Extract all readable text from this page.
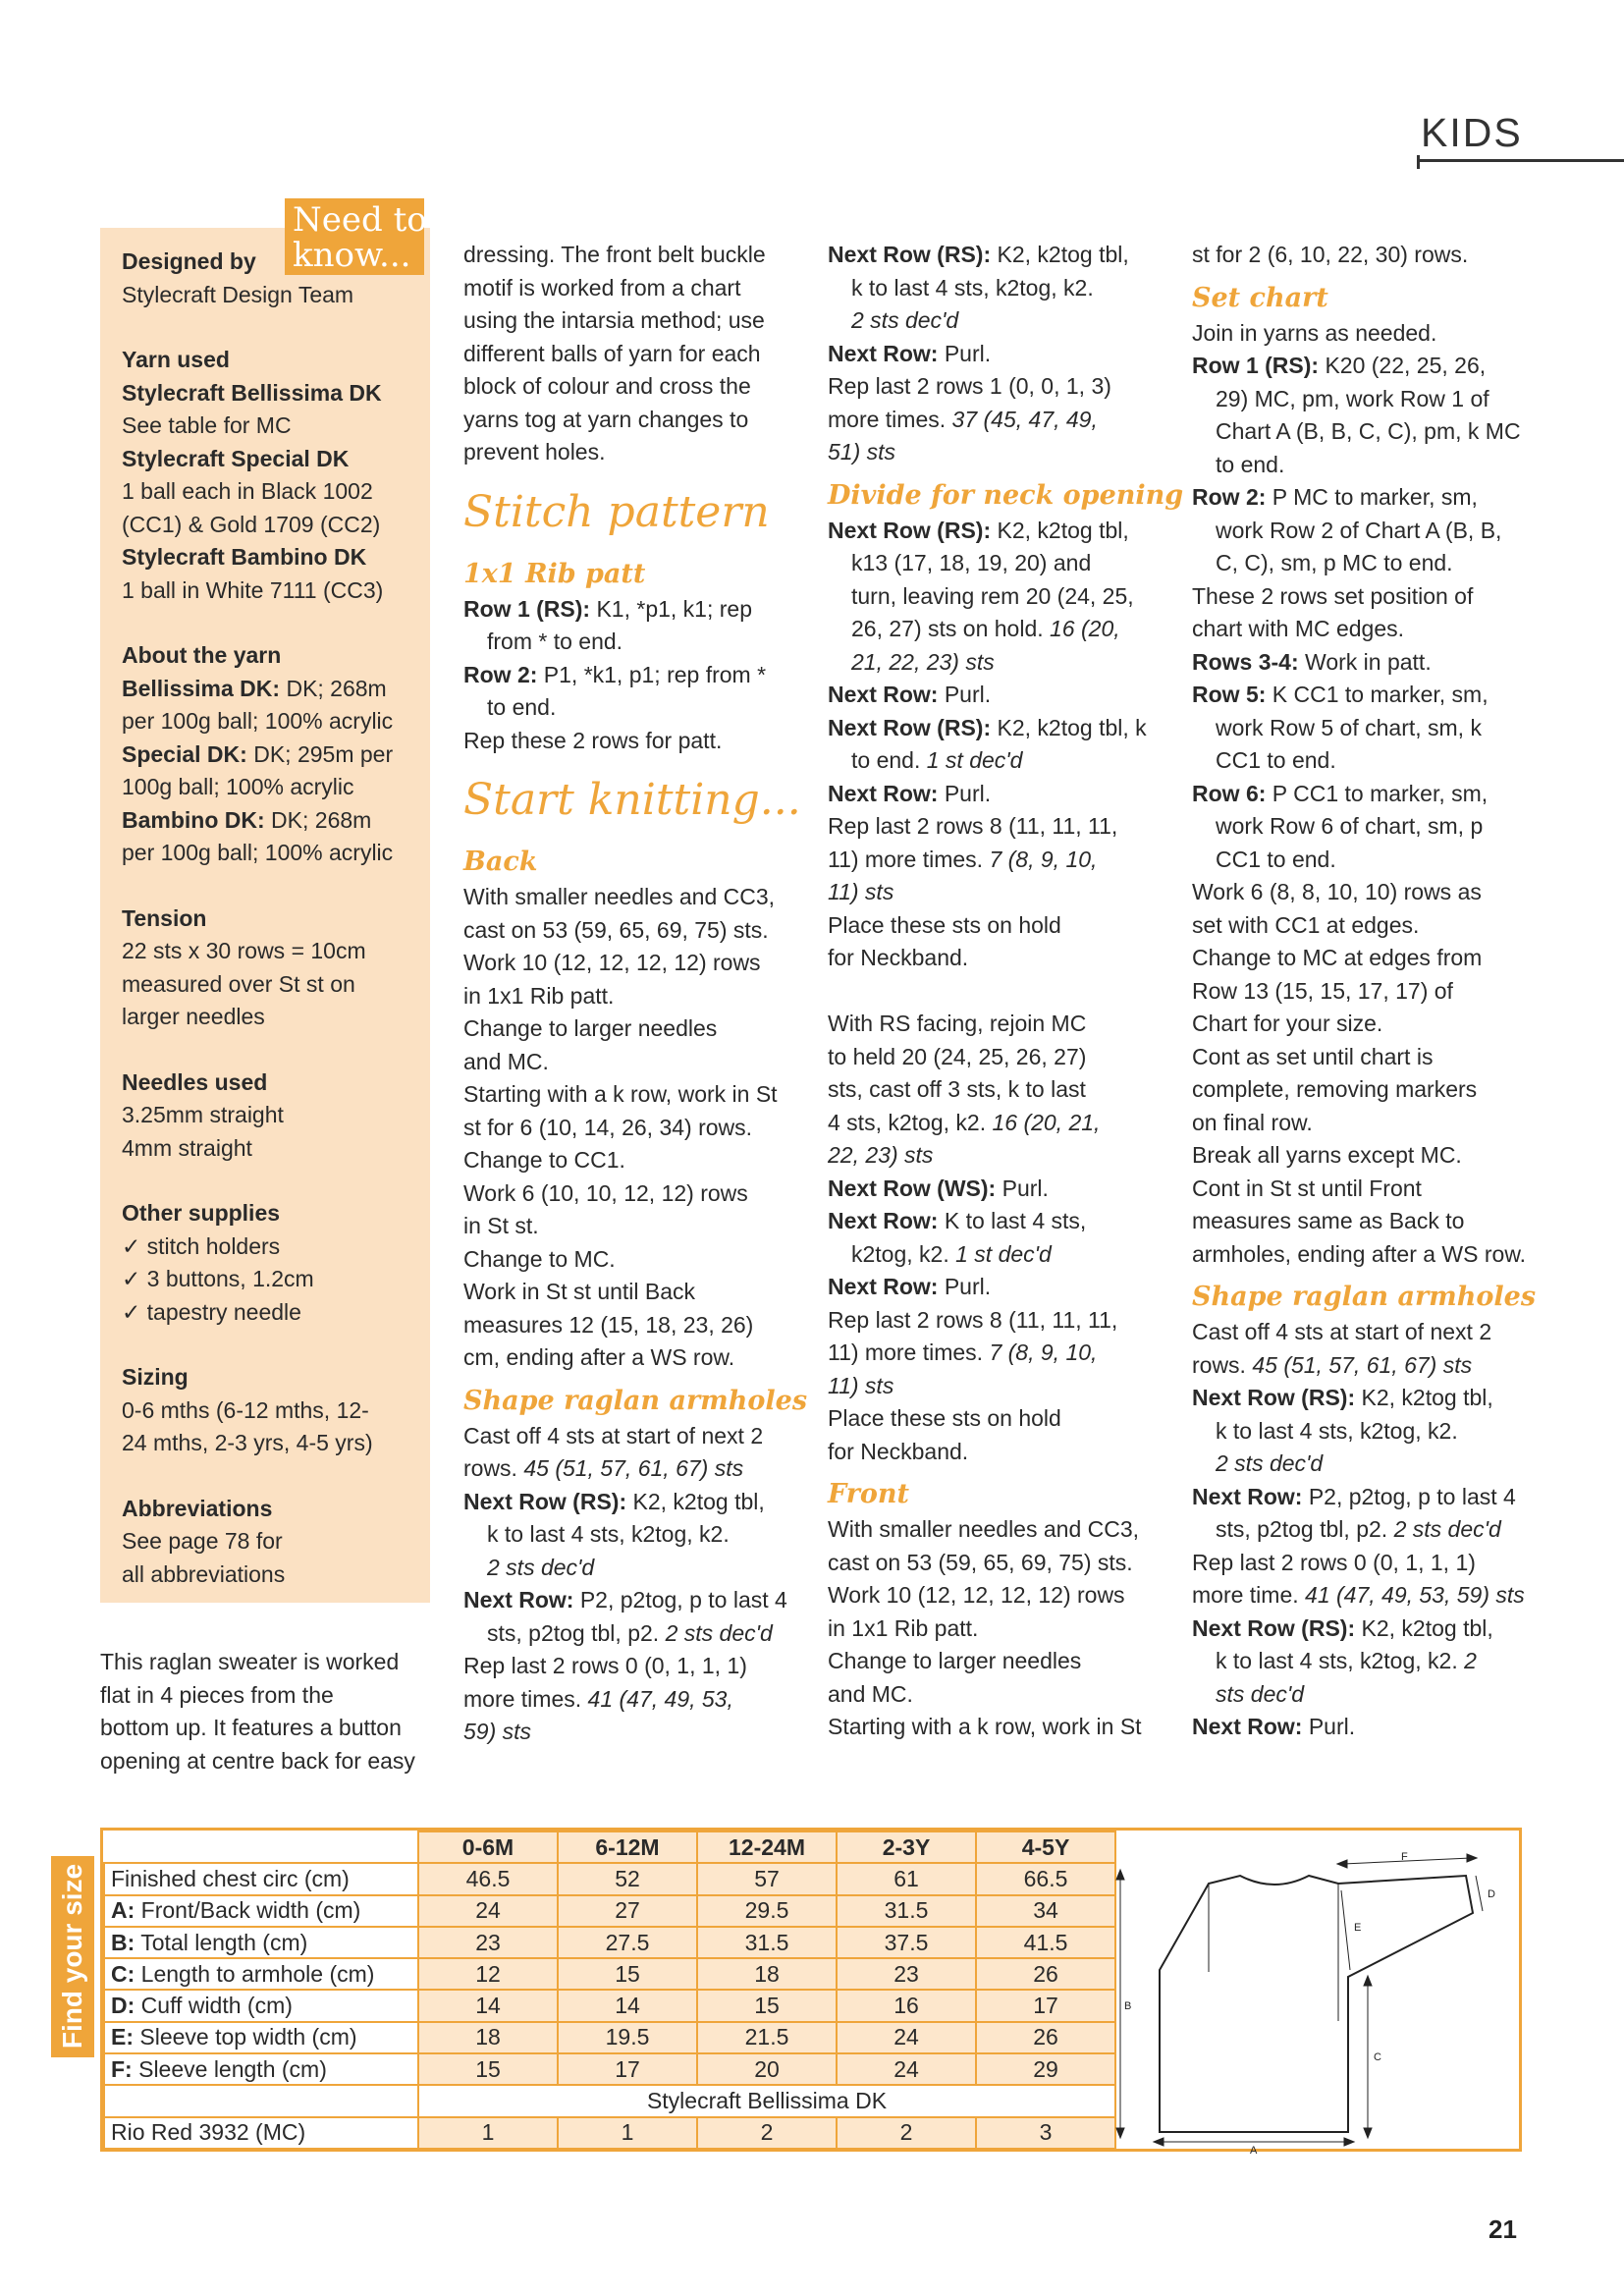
KIDS
Need to
know...
Designed by
Stylecraft Design Team
Yarn used
Stylecraft Bellissima DK
See table for MC
Stylecraft Special DK
1 ball each in Black 1002
(CC1) & Gold 1709 (CC2)
Stylecraft Bambino DK
1 ball in White 7111 (CC3)
About the yarn
Bellissima DK: DK; 268m
per 100g ball; 100% acrylic
Special DK: DK; 295m per
100g ball; 100% acrylic
Bambino DK: DK; 268m
per 100g ball; 100% acrylic
Tension
22 sts x 30 rows = 10cm
measured over St st on
larger needles
Needles used
3.25mm straight
4mm straight
Other supplies
✓ stitch holders
✓ 3 buttons, 1.2cm
✓ tapestry needle
Sizing
0-6 mths (6-12 mths, 12-
24 mths, 2-3 yrs, 4-5 yrs)
Abbreviations
See page 78 for
all abbreviations
This raglan sweater is worked
flat in 4 pieces from the
bottom up. It features a button
opening at centre back for easy
dressing. The front belt buckle
motif is worked from a chart
using the intarsia method; use
different balls of yarn for each
block of colour and cross the
yarns tog at yarn changes to
prevent holes.
Stitch pattern
1x1 Rib patt
Row 1 (RS): K1, *p1, k1; rep
from * to end.
Row 2: P1, *k1, p1; rep from *
to end.
Rep these 2 rows for patt.
Start knitting...
Back
With smaller needles and CC3,
cast on 53 (59, 65, 69, 75) sts.
Work 10 (12, 12, 12, 12) rows
in 1x1 Rib patt.
Change to larger needles
and MC.
Starting with a k row, work in St
st for 6 (10, 14, 26, 34) rows.
Change to CC1.
Work 6 (10, 10, 12, 12) rows
in St st.
Change to MC.
Work in St st until Back
measures 12 (15, 18, 23, 26)
cm, ending after a WS row.
Shape raglan armholes
Cast off 4 sts at start of next 2
rows. 45 (51, 57, 61, 67) sts
Next Row (RS): K2, k2tog tbl,
k to last 4 sts, k2tog, k2.
2 sts dec'd
Next Row: P2, p2tog, p to last 4
sts, p2tog tbl, p2. 2 sts dec'd
Rep last 2 rows 0 (0, 1, 1, 1)
more times. 41 (47, 49, 53,
59) sts
Next Row (RS): K2, k2tog tbl,
k to last 4 sts, k2tog, k2.
2 sts dec'd
Next Row: Purl.
Rep last 2 rows 1 (0, 0, 1, 3)
more times. 37 (45, 47, 49,
51) sts
Divide for neck opening
Next Row (RS): K2, k2tog tbl,
k13 (17, 18, 19, 20) and
turn, leaving rem 20 (24, 25,
26, 27) sts on hold. 16 (20,
21, 22, 23) sts
Next Row: Purl.
Next Row (RS): K2, k2tog tbl, k
to end. 1 st dec'd
Next Row: Purl.
Rep last 2 rows 8 (11, 11, 11,
11) more times. 7 (8, 9, 10,
11) sts
Place these sts on hold
for Neckband.
With RS facing, rejoin MC
to held 20 (24, 25, 26, 27)
sts, cast off 3 sts, k to last
4 sts, k2tog, k2. 16 (20, 21,
22, 23) sts
Next Row (WS): Purl.
Next Row: K to last 4 sts,
k2tog, k2. 1 st dec'd
Next Row: Purl.
Rep last 2 rows 8 (11, 11, 11,
11) more times. 7 (8, 9, 10,
11) sts
Place these sts on hold
for Neckband.
Front
With smaller needles and CC3,
cast on 53 (59, 65, 69, 75) sts.
Work 10 (12, 12, 12, 12) rows
in 1x1 Rib patt.
Change to larger needles
and MC.
Starting with a k row, work in St
st for 2 (6, 10, 22, 30) rows.
Set chart
Join in yarns as needed.
Row 1 (RS): K20 (22, 25, 26,
29) MC, pm, work Row 1 of
Chart A (B, B, C, C), pm, k MC
to end.
Row 2: P MC to marker, sm,
work Row 2 of Chart A (B, B,
C, C), sm, p MC to end.
These 2 rows set position of
chart with MC edges.
Rows 3-4: Work in patt.
Row 5: K CC1 to marker, sm,
work Row 5 of chart, sm, k
CC1 to end.
Row 6: P CC1 to marker, sm,
work Row 6 of chart, sm, p
CC1 to end.
Work 6 (8, 8, 10, 10) rows as
set with CC1 at edges.
Change to MC at edges from
Row 13 (15, 15, 17, 17) of
Chart for your size.
Cont as set until chart is
complete, removing markers
on final row.
Break all yarns except MC.
Cont in St st until Front
measures same as Back to
armholes, ending after a WS row.
Shape raglan armholes
Cast off 4 sts at start of next 2
rows. 45 (51, 57, 61, 67) sts
Next Row (RS): K2, k2tog tbl,
k to last 4 sts, k2tog, k2.
2 sts dec'd
Next Row: P2, p2tog, p to last 4
sts, p2tog tbl, p2. 2 sts dec'd
Rep last 2 rows 0 (0, 1, 1, 1)
more time. 41 (47, 49, 53, 59) sts
Next Row (RS): K2, k2tog tbl,
k to last 4 sts, k2tog, k2. 2
sts dec'd
Next Row: Purl.
Find your size
	0-6M	6-12M	12-24M	2-3Y	4-5Y
Finished chest circ (cm)	46.5	52	57	61	66.5
A: Front/Back width (cm)	24	27	29.5	31.5	34
B: Total length (cm)	23	27.5	31.5	37.5	41.5
C: Length to armhole (cm)	12	15	18	23	26
D: Cuff width (cm)	14	14	15	16	17
E: Sleeve top width (cm)	18	19.5	21.5	24	26
F: Sleeve length (cm)	15	17	20	24	29
	Stylecraft Bellissima DK				
Rio Red 3932 (MC)	1	1	2	2	3
B
A
C
D
E
F
21
